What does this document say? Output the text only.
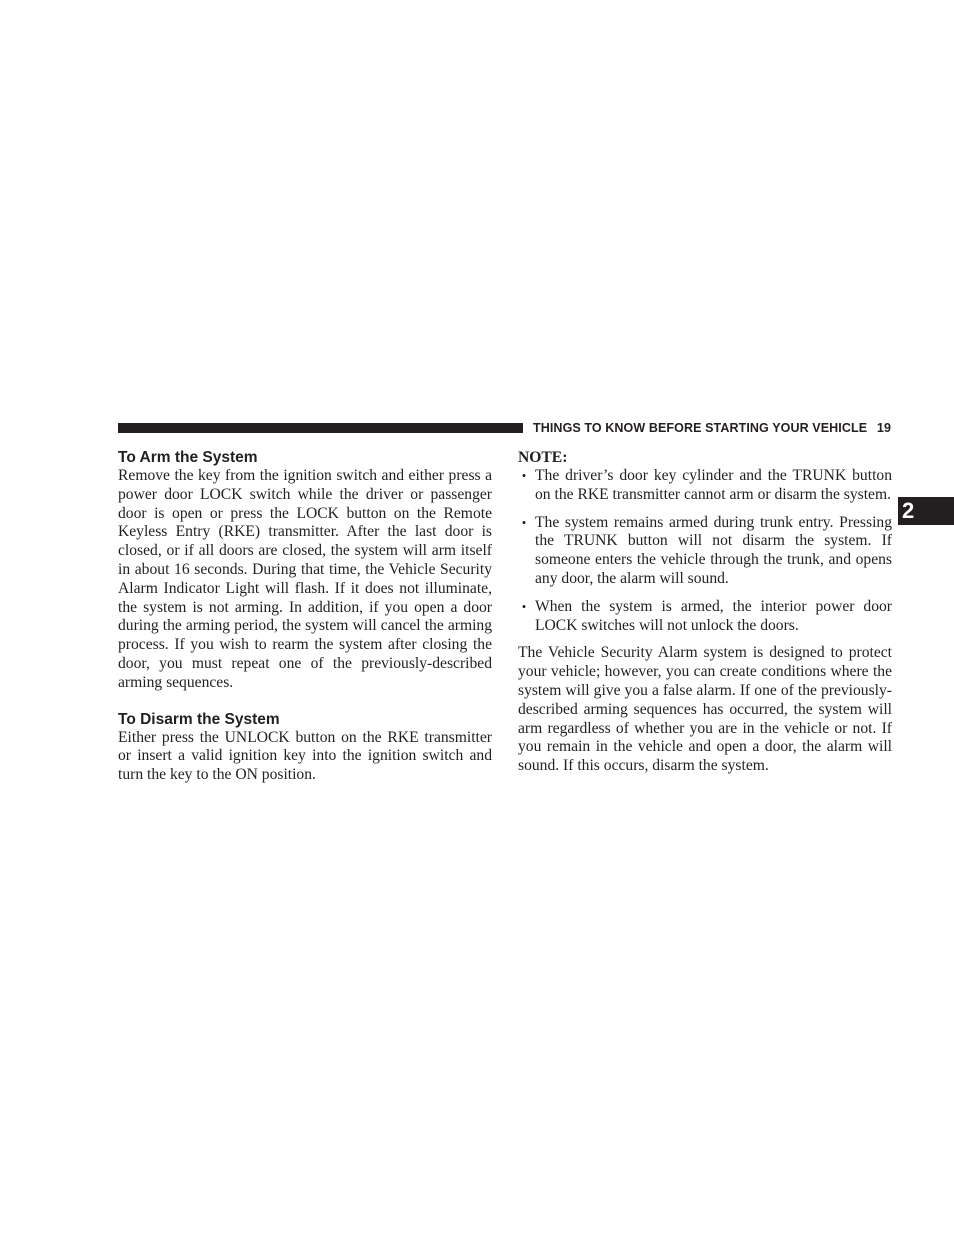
THINGS TO KNOW BEFORE STARTING YOUR VEHICLE 19
2
To Arm the System

Remove the key from the ignition switch and either press a power door LOCK switch while the driver or passenger door is open or press the LOCK button on the Remote Keyless Entry (RKE) transmitter. After the last door is closed, or if all doors are closed, the system will arm itself in about 16 seconds. During that time, the Vehicle Security Alarm Indicator Light will flash. If it does not illuminate, the system is not arming. In addition, if you open a door during the arming period, the system will cancel the arming process. If you wish to rearm the system after closing the door, you must repeat one of the previously-described arming sequences.

To Disarm the System

Either press the UNLOCK button on the RKE transmitter or insert a valid ignition key into the ignition switch and turn the key to the ON position.

NOTE:
• The driver’s door key cylinder and the TRUNK button on the RKE transmitter cannot arm or disarm the system.
• The system remains armed during trunk entry. Pressing the TRUNK button will not disarm the system. If someone enters the vehicle through the trunk, and opens any door, the alarm will sound.
• When the system is armed, the interior power door LOCK switches will not unlock the doors.

The Vehicle Security Alarm system is designed to protect your vehicle; however, you can create conditions where the system will give you a false alarm. If one of the previously-described arming sequences has occurred, the system will arm regardless of whether you are in the vehicle or not. If you remain in the vehicle and open a door, the alarm will sound. If this occurs, disarm the system.
